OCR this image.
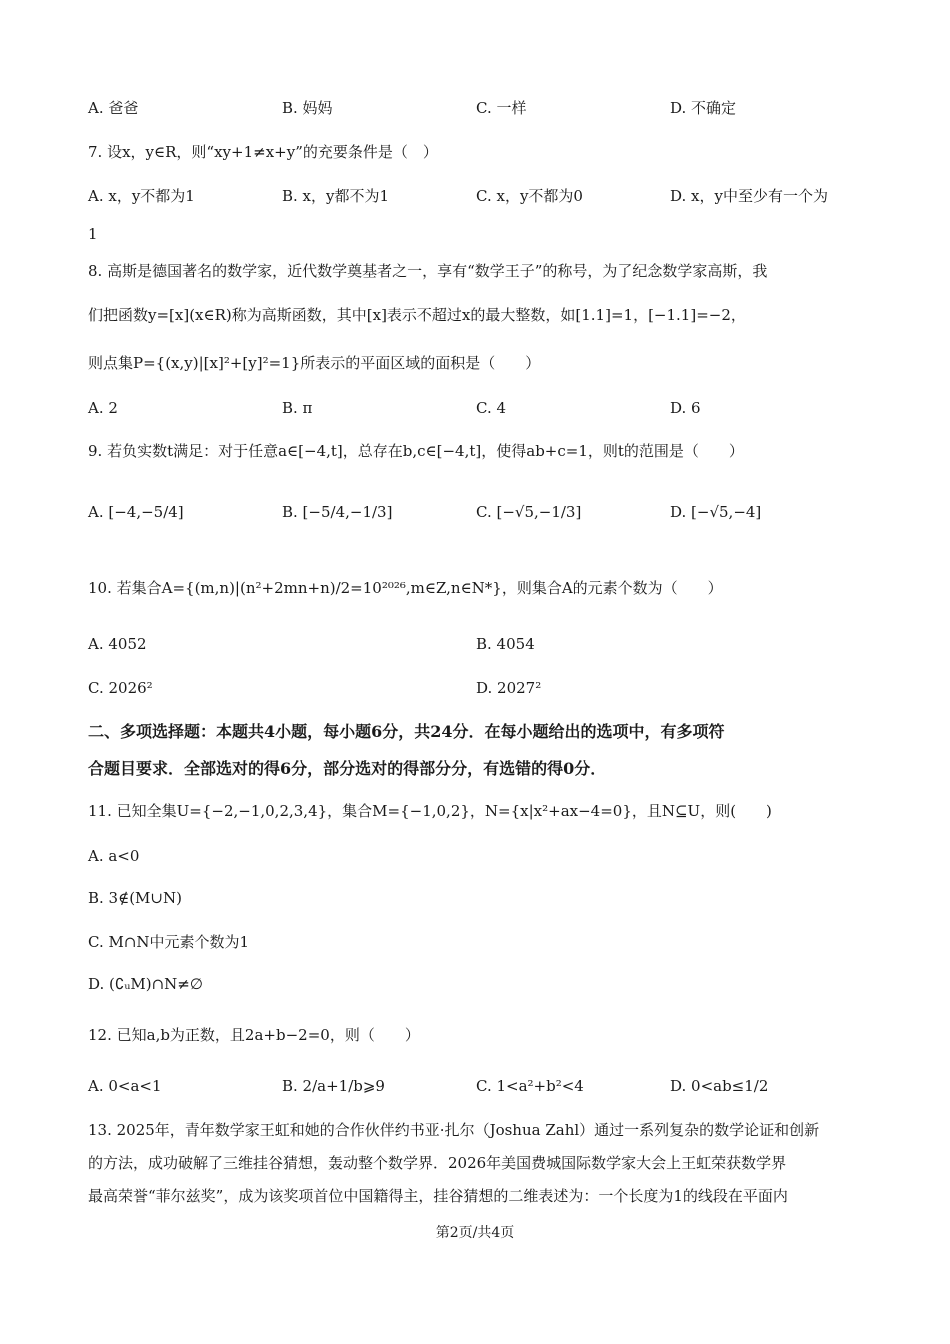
A. 爸爸	B. 妈妈	C. 一样	D. 不确定
7. 设x，y∈R，则“xy+1≠x+y”的充要条件是（　）
A. x，y不都为1	B. x，y都不为1	C. x，y不都为0	D. x，y中至少有一个为
1
8. 高斯是德国著名的数学家，近代数学奠基者之一，享有“数学王子”的称号，为了纪念数学家高斯，我
们把函数y=[x](x∈R)称为高斯函数，其中[x]表示不超过x的最大整数，如[1.1]=1，[−1.1]=−2，
则点集P={(x,y)|[x]²+[y]²=1}所表示的平面区域的面积是（　　）
A. 2	B. π	C. 4	D. 6
9. 若负实数t满足：对于任意a∈[−4,t]，总存在b,c∈[−4,t]，使得ab+c=1，则t的范围是（　　）
A. [−4,−5/4]	B. [−5/4,−1/3]	C. [−√5,−1/3]	D. [−√5,−4]
10. 若集合A={(m,n)|(n²+2mn+n)/2=10²⁰²⁶,m∈Z,n∈N*}，则集合A的元素个数为（　　）
A. 4052	B. 4054
C. 2026²	D. 2027²
二、多项选择题：本题共4小题，每小题6分，共24分．在每小题给出的选项中，有多项符
合题目要求．全部选对的得6分，部分选对的得部分分，有选错的得0分．
11. 已知全集U={−2,−1,0,2,3,4}，集合M={−1,0,2}，N={x|x²+ax−4=0}，且N⊆U，则(　　)
A. a<0
B. 3∉(M∪N)
C. M∩N中元素个数为1
D. (∁ᵤM)∩N≠∅
12. 已知a,b为正数，且2a+b−2=0，则（　　）
A. 0<a<1	B. 2/a+1/b⩾9	C. 1<a²+b²<4	D. 0<ab≤1/2
13. 2025年，青年数学家王虹和她的合作伙伴约书亚·扎尔（Joshua Zahl）通过一系列复杂的数学论证和创新
的方法，成功破解了三维挂谷猜想，轰动整个数学界．2026年美国费城国际数学家大会上王虹荣获数学界
最高荣誉“菲尔兹奖”，成为该奖项首位中国籍得主，挂谷猜想的二维表述为：一个长度为1的线段在平面内
第2页/共4页
